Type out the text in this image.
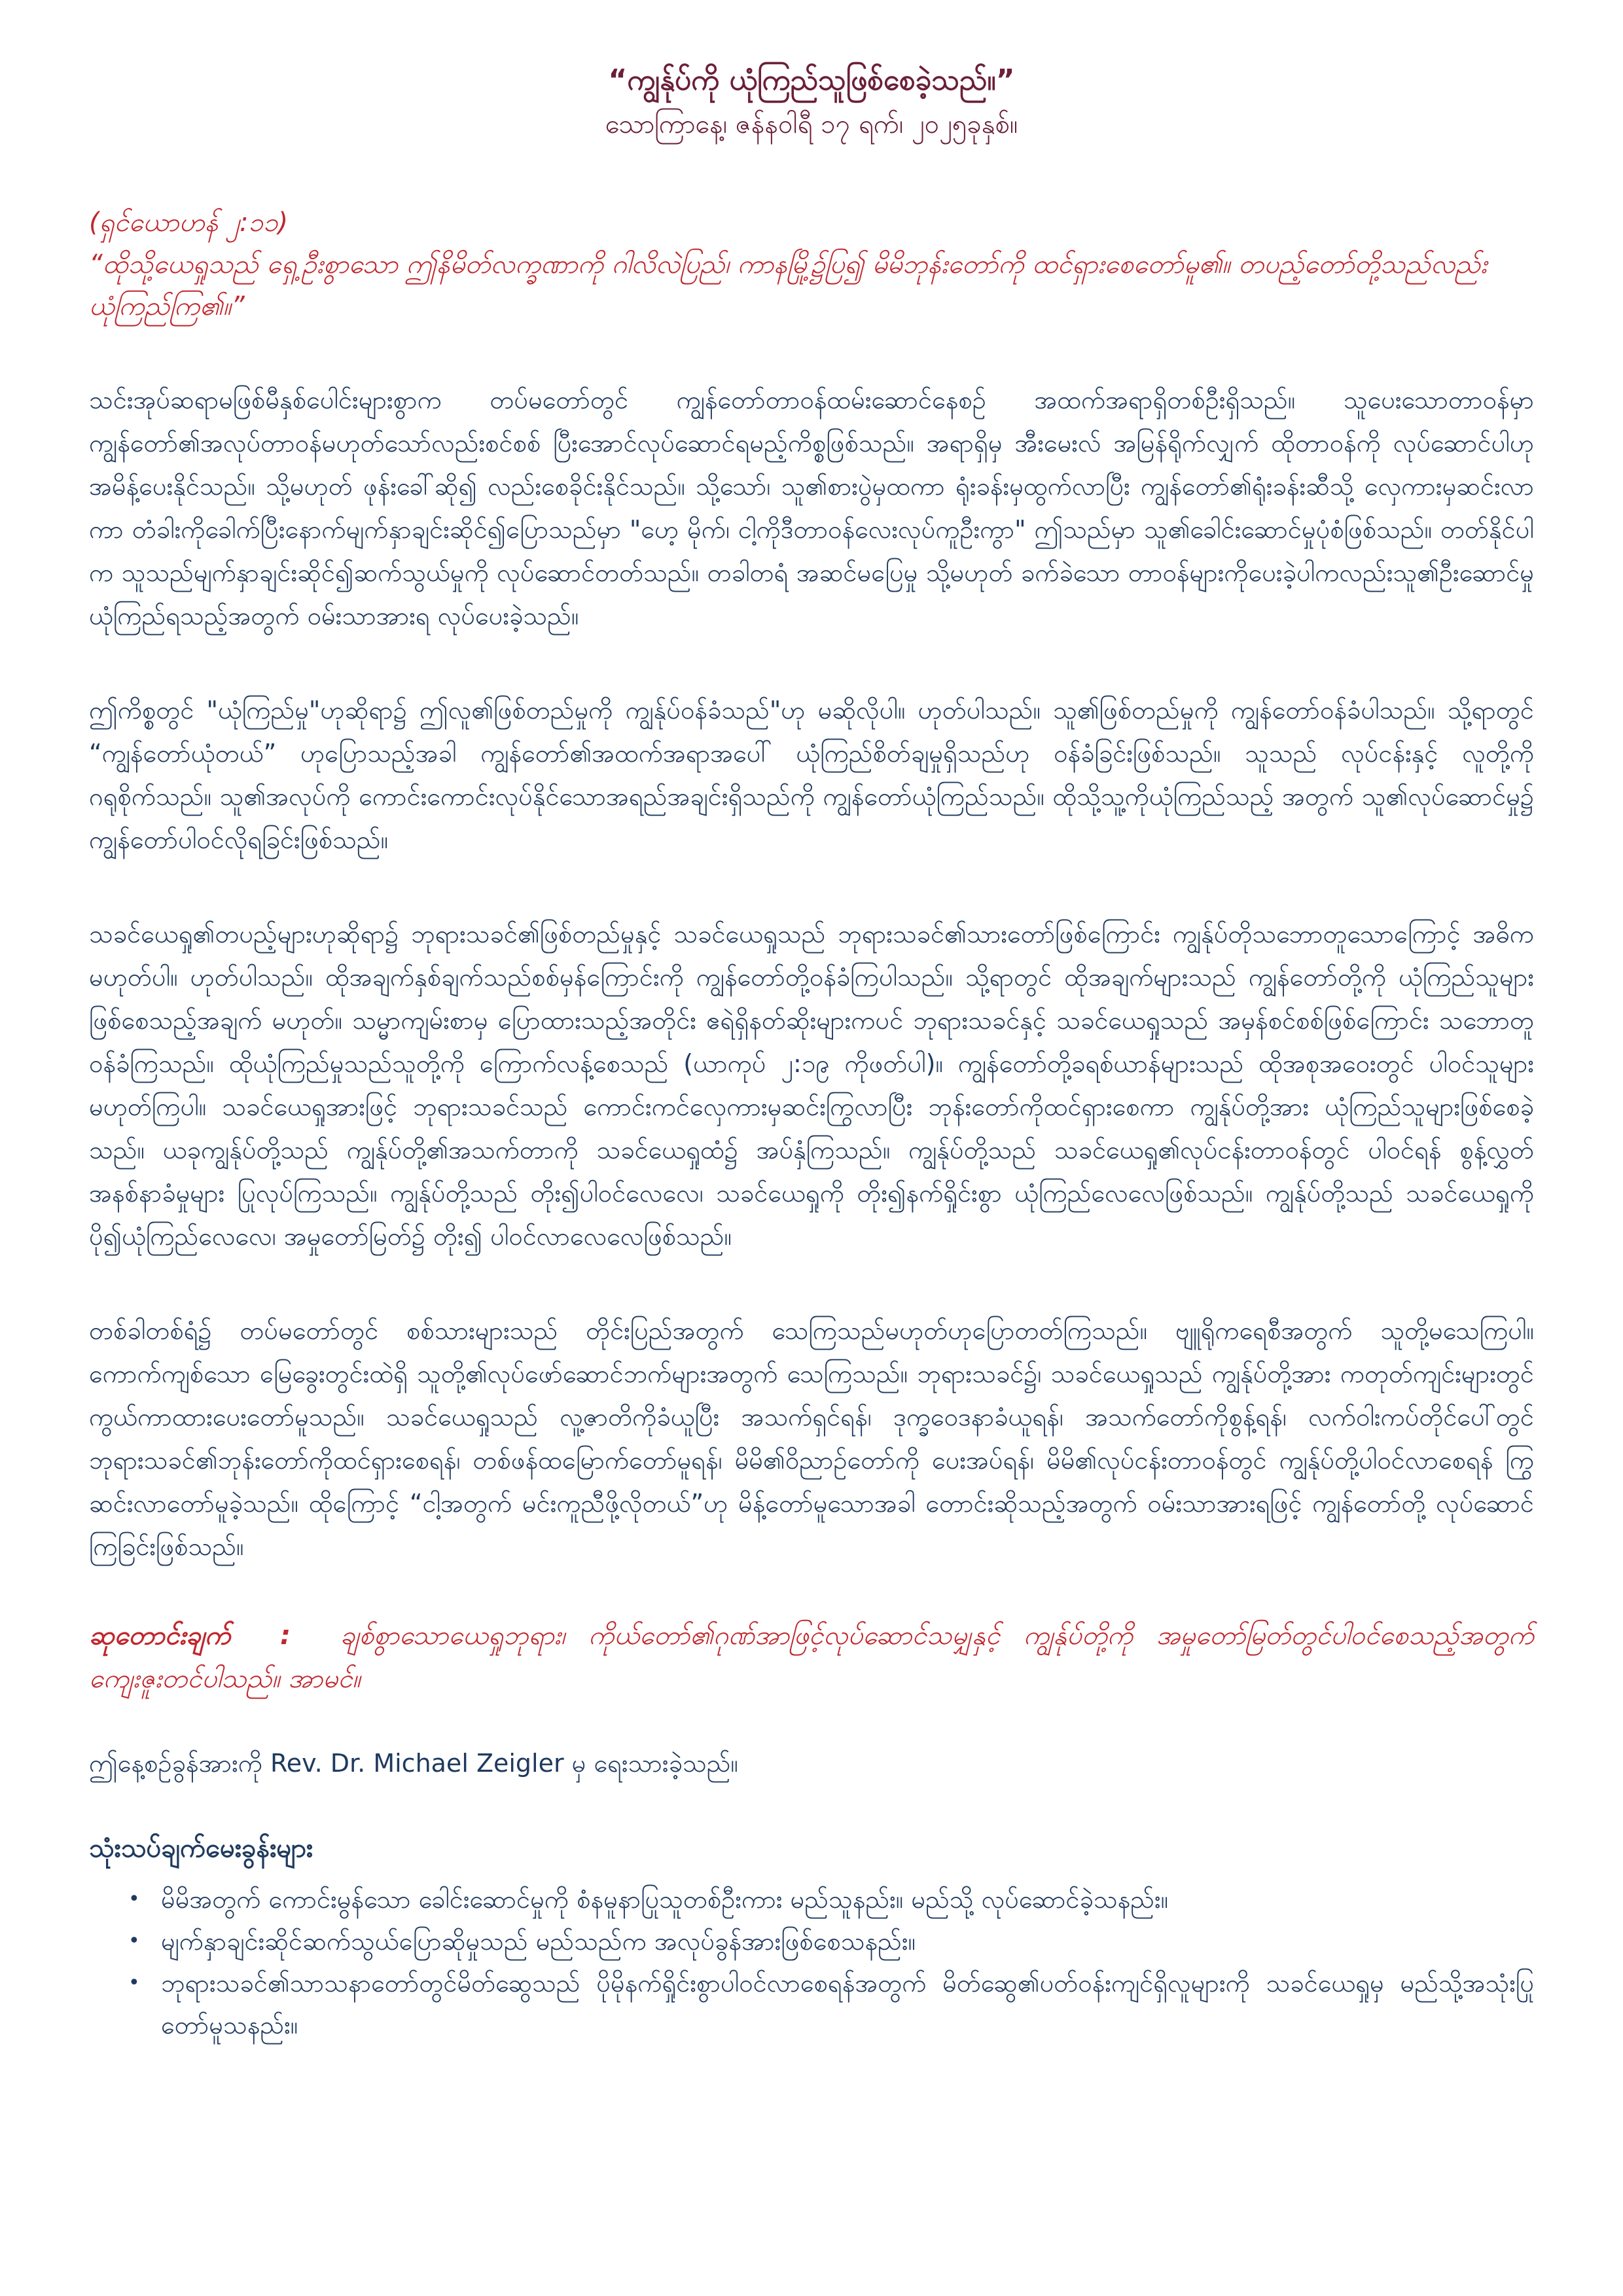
“ကျွန်ုပ်ကို ယုံကြည်သူဖြစ်စေခဲ့သည်။”
သောကြာနေ့၊ ဇန်နဝါရီ ၁၇ ရက်၊ ၂၀၂၅ခုနှစ်။
(ရှင်ယောဟန် ၂:၁၁)
“ထိုသို့ယေရှုသည် ရှေ့ဦးစွာသော ဤနိမိတ်လက္ခဏာကို ဂါလိလဲပြည်၊ ကာနမြို့၌ပြ၍ မိမိဘုန်းတော်ကို ထင်ရှားစေတော်မူ၏။ တပည့်တော်တို့သည်လည်း ယုံကြည်ကြ၏။”

သင်းအုပ်ဆရာမဖြစ်မီနှစ်ပေါင်းများစွာက တပ်မတော်တွင် ကျွန်တော်တာဝန်ထမ်းဆောင်နေစဉ် အထက်အရာရှိတစ်ဦးရှိသည်။ သူပေးသောတာဝန်မှာ ကျွန်တော်၏အလုပ်တာဝန်မဟုတ်သော်လည်းစင်စစ် ပြီးအောင်လုပ်ဆောင်ရမည့်ကိစ္စဖြစ်သည်။ အရာရှိမှ အီးမေးလ် အမြန်ရိုက်လျှက် ထိုတာဝန်ကို လုပ်ဆောင်ပါဟု အမိန့်ပေးနိုင်သည်။ သို့မဟုတ် ဖုန်းခေါ်ဆို၍ လည်းစေခိုင်းနိုင်သည်။ သို့သော်၊ သူ၏စားပွဲမှထကာ ရုံးခန်းမှထွက်လာပြီး ကျွန်တော်၏ရုံးခန်းဆီသို့ လှေကားမှဆင်းလာကာ တံခါးကိုခေါက်ပြီးနောက်မျက်နှာချင်းဆိုင်၍ပြောသည်မှာ "ဟေ့ မိုက်၊ ငါ့ကိုဒီတာဝန်လေးလုပ်ကူဦးကွာ" ဤသည်မှာ သူ၏ခေါင်းဆောင်မှုပုံစံဖြစ်သည်။ တတ်နိုင်ပါက သူသည်မျက်နှာချင်းဆိုင်၍ဆက်သွယ်မှုကို လုပ်ဆောင်တတ်သည်။ တခါတရံ အဆင်မပြေမှု သို့မဟုတ် ခက်ခဲသော တာဝန်များကိုပေးခဲ့ပါကလည်းသူ၏ဦးဆောင်မှု ယုံကြည်ရသည့်အတွက် ဝမ်းသာအားရ လုပ်ပေးခဲ့သည်။

ဤကိစ္စတွင် "ယုံကြည်မှု"ဟုဆိုရာ၌ ဤလူ၏ဖြစ်တည်မှုကို ကျွန်ုပ်ဝန်ခံသည်"ဟု မဆိုလိုပါ။ ဟုတ်ပါသည်။ သူ၏ဖြစ်တည်မှုကို ကျွန်တော်ဝန်ခံပါသည်။ သို့ရာတွင် “ကျွန်တော်ယုံတယ်” ဟုပြောသည့်အခါ ကျွန်တော်၏အထက်အရာအပေါ် ယုံကြည်စိတ်ချမှုရှိသည်ဟု ဝန်ခံခြင်းဖြစ်သည်။ သူသည် လုပ်ငန်းနှင့် လူတို့ကို ဂရုစိုက်သည်။ သူ၏အလုပ်ကို ကောင်းကောင်းလုပ်နိုင်သောအရည်အချင်းရှိသည်ကို ကျွန်တော်ယုံကြည်သည်။ ထိုသို့သူ့ကိုယုံကြည်သည့် အတွက် သူ၏လုပ်ဆောင်မှု၌ ကျွန်တော်ပါဝင်လိုရခြင်းဖြစ်သည်။

သခင်ယေရှု၏တပည့်များဟုဆိုရာ၌ ဘုရားသခင်၏ဖြစ်တည်မှုနှင့် သခင်ယေရှုသည် ဘုရားသခင်၏သားတော်ဖြစ်ကြောင်း ကျွန်ုပ်တိုသဘောတူသောကြောင့် အဓိကမဟုတ်ပါ။ ဟုတ်ပါသည်။ ထိုအချက်နှစ်ချက်သည်စစ်မှန်ကြောင်းကို ကျွန်တော်တို့ဝန်ခံကြပါသည်။ သို့ရာတွင် ထိုအချက်များသည် ကျွန်တော်တို့ကို ယုံကြည်သူများဖြစ်စေသည့်အချက် မဟုတ်။ သမ္မာကျမ်းစာမှ ပြောထားသည့်အတိုင်း ဧရဲရှိနတ်ဆိုးများကပင် ဘုရားသခင်နှင့် သခင်ယေရှုသည် အမှန်စင်စစ်ဖြစ်ကြောင်း သဘောတူဝန်ခံကြသည်။ ထိုယုံကြည်မှုသည်သူတို့ကို ကြောက်လန့်စေသည် (ယာကုပ် ၂:၁၉ ကိုဖတ်ပါ)။ ကျွန်တော်တို့ခရစ်ယာန်များသည် ထိုအစုအဝေးတွင် ပါဝင်သူများမဟုတ်ကြပါ။ သခင်ယေရှုအားဖြင့် ဘုရားသခင်သည် ကောင်းကင်လှေကားမှဆင်းကြွလာပြီး ဘုန်းတော်ကိုထင်ရှားစေကာ ကျွန်ုပ်တို့အား ယုံကြည်သူများဖြစ်စေခဲ့သည်။ ယခုကျွန်ုပ်တို့သည် ကျွန်ုပ်တို့၏အသက်တာကို သခင်ယေရှုထံ၌ အပ်နှံကြသည်။ ကျွန်ုပ်တို့သည် သခင်ယေရှု၏လုပ်ငန်းတာဝန်တွင် ပါဝင်ရန် စွန့်လွှတ်အနစ်နာခံမှုများ ပြုလုပ်ကြသည်။ ကျွန်ုပ်တို့သည် တိုး၍ပါဝင်လေလေ၊ သခင်ယေရှုကို တိုး၍နက်ရှိုင်းစွာ ယုံကြည်လေလေဖြစ်သည်။ ကျွန်ုပ်တို့သည် သခင်ယေရှုကို ပို၍ယုံကြည်လေလေ၊ အမှုတော်မြတ်၌ တိုး၍ ပါဝင်လာလေလေဖြစ်သည်။

တစ်ခါတစ်ရံ၌ တပ်မတော်တွင် စစ်သားများသည် တိုင်းပြည်အတွက် သေကြသည်မဟုတ်ဟုပြောတတ်ကြသည်။ ဗျူရိုကရေစီအတွက် သူတို့မသေကြပါ။ ကောက်ကျစ်သော မြေခွေးတွင်းထဲရှိ သူတို့၏လုပ်ဖော်ဆောင်ဘက်များအတွက် သေကြသည်။ ဘုရားသခင်၌၊ သခင်ယေရှုသည် ကျွန်ုပ်တို့အား ကတုတ်ကျင်းများတွင် ကွယ်ကာထားပေးတော်မူသည်။ သခင်ယေရှုသည် လူ့ဇာတိကိုခံယူပြီး အသက်ရှင်ရန်၊ ဒုက္ခဝေဒနာခံယူရန်၊ အသက်တော်ကိုစွန့်ရန်၊ လက်ဝါးကပ်တိုင်ပေါ်တွင် ဘုရားသခင်၏ဘုန်းတော်ကိုထင်ရှားစေရန်၊ တစ်ဖန်ထမြောက်တော်မူရန်၊ မိမိ၏ဝိညာဉ်တော်ကို ပေးအပ်ရန်၊ မိမိ၏လုပ်ငန်းတာဝန်တွင် ကျွန်ုပ်တို့ပါဝင်လာစေရန် ကြွဆင်းလာတော်မူခဲ့သည်။ ထိုကြောင့် “ငါ့အတွက် မင်းကူညီဖို့လိုတယ်”ဟု မိန့်တော်မူသောအခါ တောင်းဆိုသည့်အတွက် ဝမ်းသာအားရဖြင့် ကျွန်တော်တို့ လုပ်ဆောင်ကြခြင်းဖြစ်သည်။

ဆုတောင်းချက် : ချစ်စွာသောယေရှုဘုရား၊ ကိုယ်တော်၏ဂုဏ်အာဖြင့်လုပ်ဆောင်သမျှနှင့် ကျွန်ုပ်တို့ကို အမှုတော်မြတ်တွင်ပါဝင်စေသည့်အတွက် ကျေးဇူးတင်ပါသည်။ အာမင်။
ဤနေ့စဉ်ခွန်အားကို Rev. Dr. Michael Zeigler မှ ရေးသားခဲ့သည်။
သုံးသပ်ချက်မေးခွန်းများ
• မိမိအတွက် ကောင်းမွန်သော ခေါင်းဆောင်မှုကို စံနမူနာပြုသူတစ်ဦးကား မည်သူနည်း။ မည်သို့ လုပ်ဆောင်ခဲ့သနည်း။
• မျက်နှာချင်းဆိုင်ဆက်သွယ်ပြောဆိုမှုသည် မည်သည်က အလုပ်ခွန်အားဖြစ်စေသနည်း။
• ဘုရားသခင်၏သာသနာတော်တွင်မိတ်ဆွေသည် ပိုမိုနက်ရှိုင်းစွာပါဝင်လာစေရန်အတွက် မိတ်ဆွေ၏ပတ်ဝန်းကျင်ရှိလူများကို သခင်ယေရှုမှ မည်သို့အသုံးပြုတော်မူသနည်း။
